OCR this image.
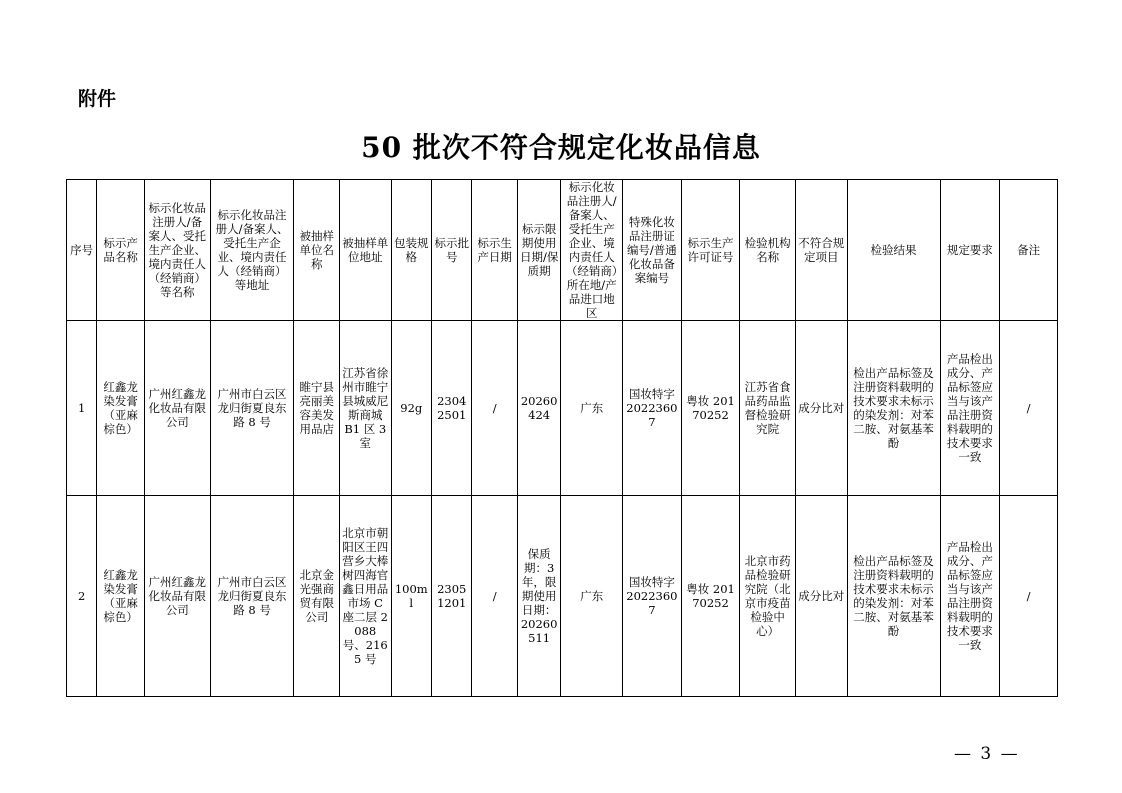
附件
50 批次不符合规定化妆品信息
序号	标示产品名称	标示化妆品注册人/备案人、受托生产企业、境内责任人（经销商）等名称	标示化妆品注册人/备案人、受托生产企业、境内责任人（经销商）等地址	被抽样单位名称	被抽样单位地址	包装规格	标示批号	标示生产日期	标示限期使用日期/保质期	标示化妆品注册人/备案人、受托生产企业、境内责任人（经销商）所在地/产品进口地区	特殊化妆品注册证编号/普通化妆品备案编号	标示生产许可证号	检验机构名称	不符合规定项目	检验结果	规定要求	备注
1	红鑫龙染发膏（亚麻棕色）	广州红鑫龙化妆品有限公司	广州市白云区龙归街夏良东路 8 号	睢宁县亮丽美容美发用品店	江苏省徐州市睢宁县城威尼斯商城 B1 区 3 室	92g	23042501	/	20260424	广东	国妆特字 20223607	粤妆 20170252	江苏省食品药品监督检验研究院	成分比对	检出产品标签及注册资料载明的技术要求未标示的染发剂：对苯二胺、对氨基苯酚	产品检出成分、产品标签应当与该产品注册资料载明的技术要求一致	/
2	红鑫龙染发膏（亚麻棕色）	广州红鑫龙化妆品有限公司	广州市白云区龙归街夏良东路 8 号	北京金光强商贸有限公司	北京市朝阳区王四营乡大棒树四海官鑫日用品市场 C 座二层 2088 号、2165 号	100ml	23051201	/	保质期：3 年，限期使用日期：20260511	广东	国妆特字 20223607	粤妆 20170252	北京市药品检验研究院（北京市疫苗检验中心）	成分比对	检出产品标签及注册资料载明的技术要求未标示的染发剂：对苯二胺、对氨基苯酚	产品检出成分、产品标签应当与该产品注册资料载明的技术要求一致	/
— 3 —
